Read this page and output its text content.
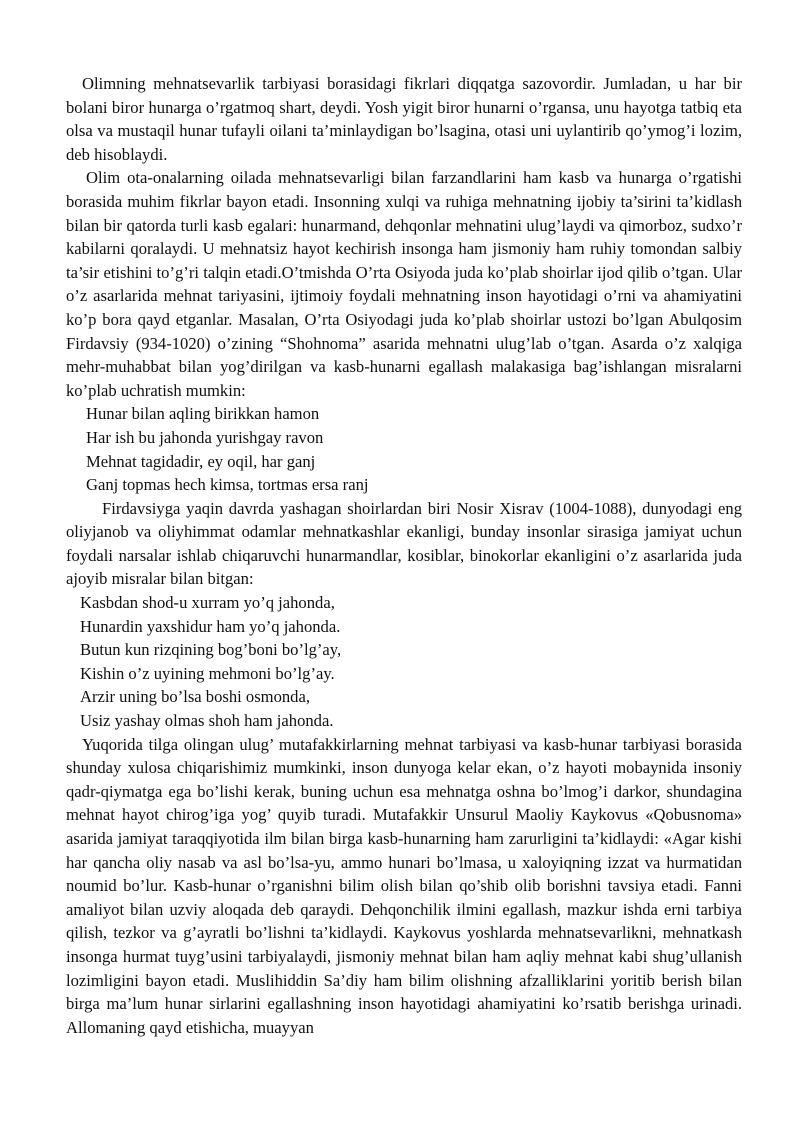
Olimning mehnatsevarlik tarbiyasi borasidagi fikrlari diqqatga sazovordir. Jumladan, u har bir bolani biror hunarga o’rgatmoq shart, deydi. Yosh yigit biror hunarni o’rgansa, unu hayotga tatbiq eta olsa va mustaqil hunar tufayli oilani ta’minlaydigan bo’lsagina, otasi uni uylantirib qo’ymog’i lozim, deb hisoblaydi.

Olim ota-onalarning oilada mehnatsevarligi bilan farzandlarini ham kasb va hunarga o’rgatishi borasida muhim fikrlar bayon etadi. Insonning xulqi va ruhiga mehnatning ijobiy ta’sirini ta’kidlash bilan bir qatorda turli kasb egalari: hunarmand, dehqonlar mehnatini ulug’laydi va qimorboz, sudxo’r kabilarni qoralaydi. U mehnatsiz hayot kechirish insonga ham jismoniy ham ruhiy tomondan salbiy ta’sir etishini to’g’ri talqin etadi.O’tmishda O’rta Osiyoda juda ko’plab shoirlar ijod qilib o’tgan. Ular o’z asarlarida mehnat tariyasini, ijtimoiy foydali mehnatning inson hayotidagi o’rni va ahamiyatini ko’p bora qayd etganlar. Masalan, O’rta Osiyodagi juda ko’plab shoirlar ustozi bo’lgan Abulqosim Firdavsiy (934-1020) o’zining “Shohnoma” asarida mehnatni ulug’lab o’tgan. Asarda o’z xalqiga mehr-muhabbat bilan yog’dirilgan va kasb-hunarni egallash malakasiga bag’ishlangan misralarni ko’plab uchratish mumkin:

Hunar bilan aqling birikkan hamon
Har ish bu jahonda yurishgay ravon
Mehnat tagidadir, ey oqil, har ganj
Ganj topmas hech kimsa, tortmas ersa ranj

Firdavsiyga yaqin davrda yashagan shoirlardan biri Nosir Xisrav (1004-1088), dunyodagi eng oliyjanob va oliyhimmat odamlar mehnatkashlar ekanligi, bunday insonlar sirasiga jamiyat uchun foydali narsalar ishlab chiqaruvchi hunarmandlar, kosiblar, binokorlar ekanligini o’z asarlarida juda ajoyib misralar bilan bitgan:

Kasbdan shod-u xurram yo’q jahonda,
Hunardin yaxshidur ham yo’q jahonda.
Butun kun rizqining bog’boni bo’lg’ay,
Kishin o’z uyining mehmoni bo’lg’ay.
Arzir uning bo’lsa boshi osmonda,
Usiz yashay olmas shoh ham jahonda.

Yuqorida tilga olingan ulug’ mutafakkirlarning mehnat tarbiyasi va kasb-hunar tarbiyasi borasida shunday xulosa chiqarishimiz mumkinki, inson dunyoga kelar ekan, o’z hayoti mobaynida insoniy qadr-qiymatga ega bo’lishi kerak, buning uchun esa mehnatga oshna bo’lmog’i darkor, shundagina mehnat hayot chirog’iga yog’ quyib turadi. Mutafakkir Unsurul Maoliy Kaykovus «Qobusnoma» asarida jamiyat taraqqiyotida ilm bilan birga kasb-hunarning ham zarurligini ta’kidlaydi: «Agar kishi har qancha oliy nasab va asl bo’lsa-yu, ammo hunari bo’lmasa, u xaloyiqning izzat va hurmatidan noumid bo’lur. Kasb-hunar o’rganishni bilim olish bilan qo’shib olib borishni tavsiya etadi. Fanni amaliyot bilan uzviy aloqada deb qaraydi. Dehqonchilik ilmini egallash, mazkur ishda erni tarbiya qilish, tezkor va g’ayratli bo’lishni ta’kidlaydi. Kaykovus yoshlarda mehnatsevarlikni, mehnatkash insonga hurmat tuyg’usini tarbiyalaydi, jismoniy mehnat bilan ham aqliy mehnat kabi shug’ullanish lozimligini bayon etadi. Muslihiddin Sa’diy ham bilim olishning afzalliklarini yoritib berish bilan birga ma’lum hunar sirlarini egallashning inson hayotidagi ahamiyatini ko’rsatib berishga urinadi. Allomaning qayd etishicha, muayyan
